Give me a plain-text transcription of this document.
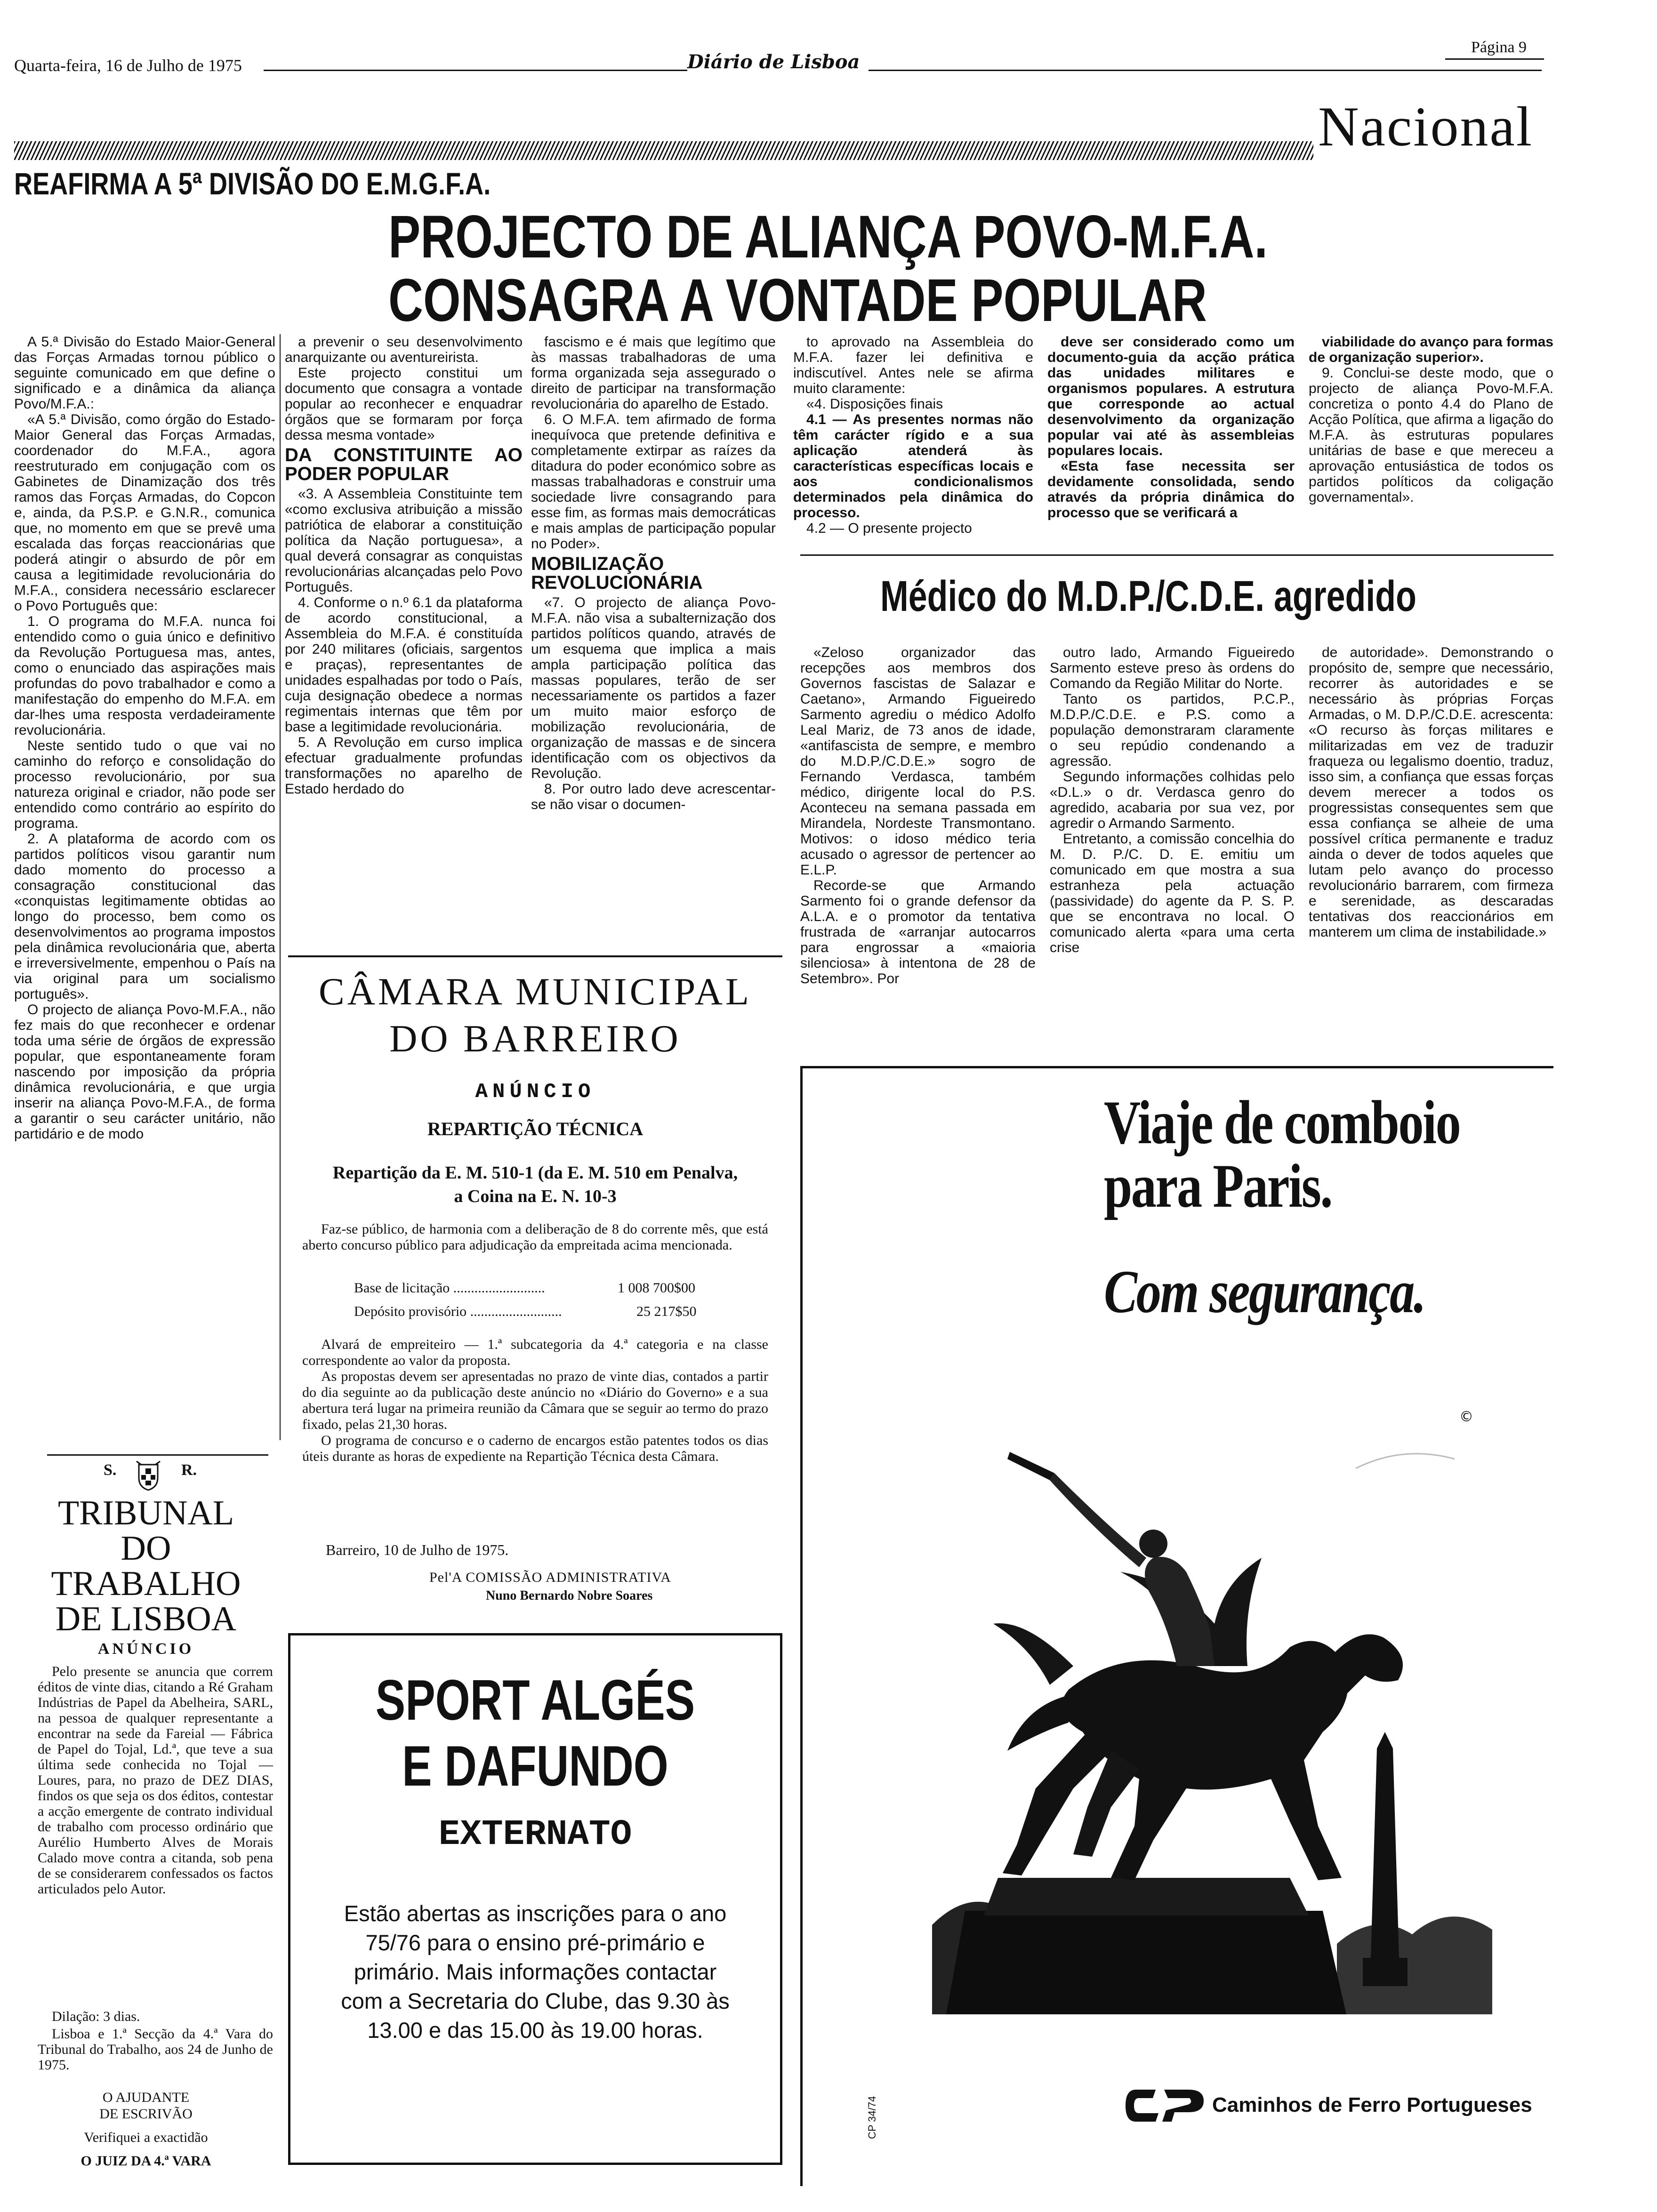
Quarta-feira, 16 de Julho de 1975	Diário de Lisboa
Página 9
Nacional
REAFIRMA A 5ª DIVISÃO DO E.M.G.F.A.
PROJECTO DE ALIANÇA POVO-M.F.A.
CONSAGRA A VONTADE POPULAR

A 5.ª Divisão do Estado Maior-General das Forças Armadas tornou público o seguinte comunicado em que define o significado e a dinâmica da aliança Povo/M.F.A.:

«A 5.ª Divisão, como órgão do Estado-Maior General das Forças Armadas, coordenador do M.F.A., agora reestruturado em conjugação com os Gabinetes de Dinamização dos três ramos das Forças Armadas, do Copcon e, ainda, da P.S.P. e G.N.R., comunica que, no momento em que se prevê uma escalada das forças reaccionárias que poderá atingir o absurdo de pôr em causa a legitimidade revolucionária do M.F.A., considera necessário esclarecer o Povo Português que:

1. O programa do M.F.A. nunca foi entendido como o guia único e definitivo da Revolução Portuguesa mas, antes, como o enunciado das aspirações mais profundas do povo trabalhador e como a manifestação do empenho do M.F.A. em dar-lhes uma resposta verdadeiramente revolucionária.

Neste sentido tudo o que vai no caminho do reforço e consolidação do processo revolucionário, por sua natureza original e criador, não pode ser entendido como contrário ao espírito do programa.

2. A plataforma de acordo com os partidos políticos visou garantir num dado momento do processo a consagração constitucional das «conquistas legitimamente obtidas ao longo do processo, bem como os desenvolvimentos ao programa impostos pela dinâmica revolucionária que, aberta e irreversivelmente, empenhou o País na via original para um socialismo português».

O projecto de aliança Povo-M.F.A., não fez mais do que reconhecer e ordenar toda uma série de órgãos de expressão popular, que espontaneamente foram nascendo por imposição da própria dinâmica revolucionária, e que urgia inserir na aliança Povo-M.F.A., de forma a garantir o seu carácter unitário, não partidário e de modo

a prevenir o seu desenvolvimento anarquizante ou aventureirista.

Este projecto constitui um documento que consagra a vontade popular ao reconhecer e enquadrar órgãos que se formaram por força dessa mesma vontade»

DA CONSTITUINTE AO PODER POPULAR

«3. A Assembleia Constituinte tem «como exclusiva atribuição a missão patriótica de elaborar a constituição política da Nação portuguesa», a qual deverá consagrar as conquistas revolucionárias alcançadas pelo Povo Português.

4. Conforme o n.º 6.1 da plataforma de acordo constitucional, a Assembleia do M.F.A. é constituída por 240 militares (oficiais, sargentos e praças), representantes de unidades espalhadas por todo o País, cuja designação obedece a normas regimentais internas que têm por base a legitimidade revolucionária.

5. A Revolução em curso implica efectuar gradualmente profundas transformações no aparelho de Estado herdado do

fascismo e é mais que legítimo que às massas trabalhadoras de uma forma organizada seja assegurado o direito de participar na transformação revolucionária do aparelho de Estado.

6. O M.F.A. tem afirmado de forma inequívoca que pretende definitiva e completamente extirpar as raízes da ditadura do poder económico sobre as massas trabalhadoras e construir uma sociedade livre consagrando para esse fim, as formas mais democráticas e mais amplas de participação popular no Poder».

MOBILIZAÇÃO REVOLUCIONÁRIA

«7. O projecto de aliança Povo-M.F.A. não visa a subalternização dos partidos políticos quando, através de um esquema que implica a mais ampla participação política das massas populares, terão de ser necessariamente os partidos a fazer um muito maior esforço de mobilização revolucionária, de organização de massas e de sincera identificação com os objectivos da Revolução.

8. Por outro lado deve acrescentar-se não visar o documen-

to aprovado na Assembleia do M.F.A. fazer lei definitiva e indiscutível. Antes nele se afirma muito claramente:

«4. Disposições finais

4.1 — As presentes normas não têm carácter rígido e a sua aplicação atenderá às características específicas locais e aos condicionalismos determinados pela dinâmica do processo.

4.2 — O presente projecto

deve ser considerado como um documento-guia da acção prática das unidades militares e organismos populares. A estrutura que corresponde ao actual desenvolvimento da organização popular vai até às assembleias populares locais.

«Esta fase necessita ser devidamente consolidada, sendo através da própria dinâmica do processo que se verificará a

viabilidade do avanço para formas de organização superior».

9. Conclui-se deste modo, que o projecto de aliança Povo-M.F.A. concretiza o ponto 4.4 do Plano de Acção Política, que afirma a ligação do M.F.A. às estruturas populares unitárias de base e que mereceu a aprovação entusiástica de todos os partidos políticos da coligação governamental».

Médico do M.D.P./C.D.E. agredido

«Zeloso organizador das recepções aos membros dos Governos fascistas de Salazar e Caetano», Armando Figueiredo Sarmento agrediu o médico Adolfo Leal Mariz, de 73 anos de idade, «antifascista de sempre, e membro do M.D.P./C.D.E.» sogro de Fernando Verdasca, também médico, dirigente local do P.S. Aconteceu na semana passada em Mirandela, Nordeste Transmontano. Motivos: o idoso médico teria acusado o agressor de pertencer ao E.L.P.

Recorde-se que Armando Sarmento foi o grande defensor da A.L.A. e o promotor da tentativa frustrada de «arranjar autocarros para engrossar a «maioria silenciosa» à intentona de 28 de Setembro». Por

outro lado, Armando Figueiredo Sarmento esteve preso às ordens do Comando da Região Militar do Norte.

Tanto os partidos, P.C.P., M.D.P./C.D.E. e P.S. como a população demonstraram claramente o seu repúdio condenando a agressão.

Segundo informações colhidas pelo «D.L.» o dr. Verdasca genro do agredido, acabaria por sua vez, por agredir o Armando Sarmento.

Entretanto, a comissão concelhia do M. D. P./C. D. E. emitiu um comunicado em que mostra a sua estranheza pela actuação (passividade) do agente da P. S. P. que se encontrava no local. O comunicado alerta «para uma certa crise

de autoridade». Demonstrando o propósito de, sempre que necessário, recorrer às autoridades e se necessário às próprias Forças Armadas, o M. D.P./C.D.E. acrescenta: «O recurso às forças militares e militarizadas em vez de traduzir fraqueza ou legalismo doentio, traduz, isso sim, a confiança que essas forças devem merecer a todos os progressistas consequentes sem que essa confiança se alheie de uma possível crítica permanente e traduz ainda o dever de todos aqueles que lutam pelo avanço do processo revolucionário barrarem, com firmeza e serenidade, as descaradas tentativas dos reaccionários em manterem um clima de instabilidade.»

CÂMARA MUNICIPAL
DO BARREIRO
ANÚNCIO
REPARTIÇÃO TÉCNICA
Repartição da E. M. 510-1 (da E. M. 510 em Penalva,
a Coina na E. N. 10-3
Faz-se público, de harmonia com a deliberação de 8 do corrente mês, que está aberto concurso público para adjudicação da empreitada acima mencionada.
Base de licitação ..........................	1 008 700$00
Depósito provisório ..........................	25 217$50

Alvará de empreiteiro — 1.ª subcategoria da 4.ª categoria e na classe correspondente ao valor da proposta.

As propostas devem ser apresentadas no prazo de vinte dias, contados a partir do dia seguinte ao da publicação deste anúncio no «Diário do Governo» e a sua abertura terá lugar na primeira reunião da Câmara que se seguir ao termo do prazo fixado, pelas 21,30 horas.

O programa de concurso e o caderno de encargos estão patentes todos os dias úteis durante as horas de expediente na Repartição Técnica desta Câmara.

Barreiro, 10 de Julho de 1975.
Pel'A COMISSÃO ADMINISTRATIVA
Nuno Bernardo Nobre Soares
S.	R.
TRIBUNAL
DO
TRABALHO
DE LISBOA
ANÚNCIO
Pelo presente se anuncia que correm éditos de vinte dias, citando a Ré Graham Indústrias de Papel da Abelheira, SARL, na pessoa de qualquer representante a encontrar na sede da Fareial — Fábrica de Papel do Tojal, Ld.ª, que teve a sua última sede conhecida no Tojal — Loures, para, no prazo de DEZ DIAS, findos os que seja os dos éditos, contestar a acção emergente de contrato individual de trabalho com processo ordinário que Aurélio Humberto Alves de Morais Calado move contra a citanda, sob pena de se considerarem confessados os factos articulados pelo Autor.
Dilação: 3 dias.
Lisboa e 1.ª Secção da 4.ª Vara do Tribunal do Trabalho, aos 24 de Junho de 1975.
O AJUDANTE
DE ESCRIVÃO
Verifiquei a exactidão
O JUIZ DA 4.ª VARA
SPORT ALGÉS
E DAFUNDO
EXTERNATO
Estão abertas as inscrições para o ano 75/76 para o ensino pré-primário e primário. Mais informações contactar com a Secretaria do Clube, das 9.30 às 13.00 e das 15.00 às 19.00 horas.
Viaje de comboio
para Paris.
Com segurança.
©
Caminhos de Ferro Portugueses
CP 34/74
